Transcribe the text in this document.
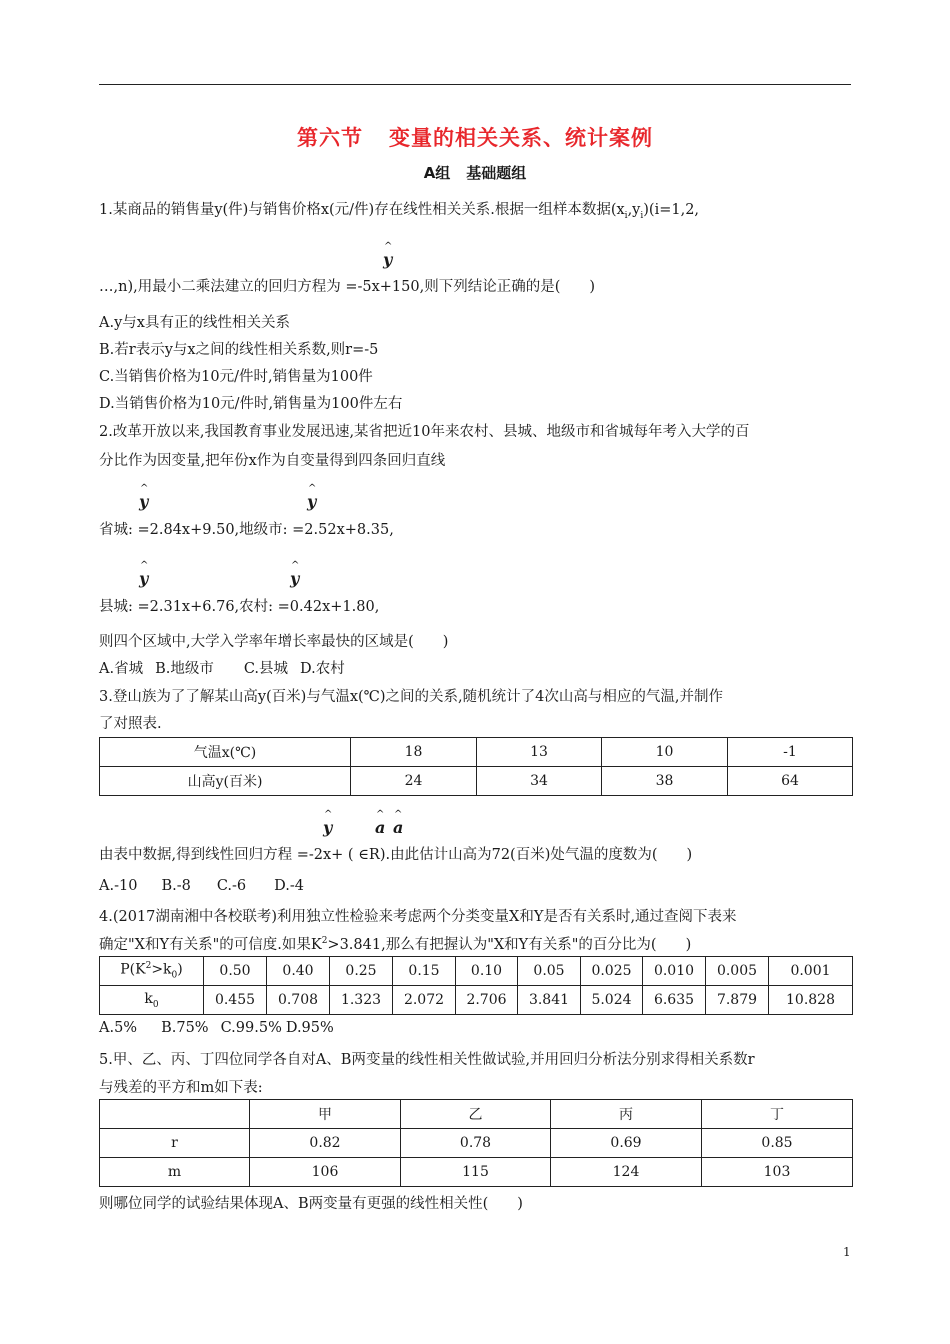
第六节 变量的相关关系、统计案例
A组 基础题组
1.某商品的销售量y(件)与销售价格x(元/件)存在线性相关关系.根据一组样本数据$(x_i,y_i)(i=1,2$,
^ y
…,n),用最小二乘法建立的回归方程为 =-5x+150,则下列结论正确的是(　　)
A.y与x具有正的线性相关关系
B.若r表示y与x之间的线性相关系数,则r=-5
C.当销售价格为10元/件时,销售量为100件
D.当销售价格为10元/件时,销售量为100件左右
2.改革开放以来,我国教育事业发展迅速,某省把近10年来农村、县城、地级市和省城每年考入大学的百
分比作为因变量,把年份x作为自变量得到四条回归直线
^ y	^ y
省城: =2.84x+9.50,地级市: =2.52x+8.35,
^ y	^ y
县城: =2.31x+6.76,农村: =0.42x+1.80,
则四个区域中,大学入学率年增长率最快的区域是(　　)
A.省城 B.地级市 C.县城 D.农村
3.登山族为了了解某山高y(百米)与气温x(℃)之间的关系,随机统计了4次山高与相应的气温,并制作
了对照表.
气温x(℃)	18	13	10	-1
山高y(百米)	24	34	38	64
^ y	^ a ^ a
由表中数据,得到线性回归方程 =-2x+ ( ∈R).由此估计山高为72(百米)处气温的度数为(　　)
A.-10 B.-8 C.-6 D.-4
4.(2017湖南湘中各校联考)利用独立性检验来考虑两个分类变量X和Y是否有关系时,通过查阅下表来
确定"X和Y有关系"的可信度.如果$K^2>3.841$,那么有把握认为"X和Y有关系"的百分比为(　　)
$P(K^2>k_0)$	0.50	0.40	0.25	0.15	0.10	0.05	0.025	0.010	0.005	0.001
$k_0$	0.455	0.708	1.323	2.072	2.706	3.841	5.024	6.635	7.879	10.828
A.5% B.75% C.99.5% D.95%
5.甲、乙、丙、丁四位同学各自对A、B两变量的线性相关性做试验,并用回归分析法分别求得相关系数r
与残差的平方和m如下表:
	甲	乙	丙	丁
r	0.82	0.78	0.69	0.85
m	106	115	124	103
则哪位同学的试验结果体现A、B两变量有更强的线性相关性(　　)
1
